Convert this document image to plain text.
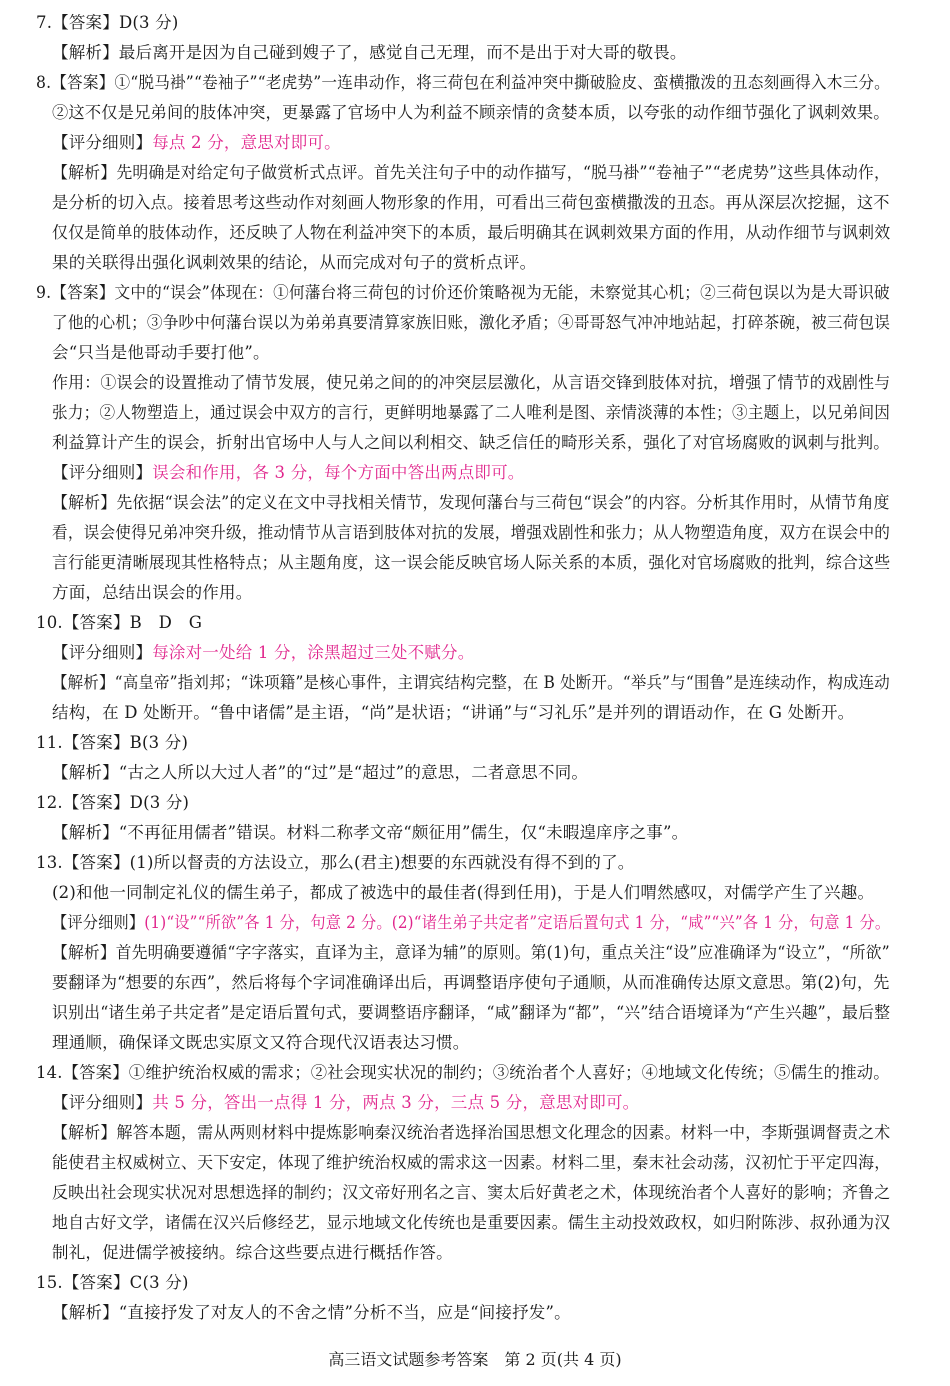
7.【答案】D(3 分)
【解析】最后离开是因为自己碰到嫂子了，感觉自己无理，而不是出于对大哥的敬畏。
8.【答案】①“脱马褂”“卷袖子”“老虎势”一连串动作，将三荷包在利益冲突中撕破脸皮、蛮横撒泼的丑态刻画得入木三分。
②这不仅是兄弟间的肢体冲突，更暴露了官场中人为利益不顾亲情的贪婪本质，以夸张的动作细节强化了讽刺效果。
【评分细则】每点 2 分，意思对即可。
【解析】先明确是对给定句子做赏析式点评。首先关注句子中的动作描写，“脱马褂”“卷袖子”“老虎势”这些具体动作，
是分析的切入点。接着思考这些动作对刻画人物形象的作用，可看出三荷包蛮横撒泼的丑态。再从深层次挖掘，这不
仅仅是简单的肢体动作，还反映了人物在利益冲突下的本质，最后明确其在讽刺效果方面的作用，从动作细节与讽刺效
果的关联得出强化讽刺效果的结论，从而完成对句子的赏析点评。
9.【答案】文中的“误会”体现在：①何藩台将三荷包的讨价还价策略视为无能，未察觉其心机；②三荷包误以为是大哥识破
了他的心机；③争吵中何藩台误以为弟弟真要清算家族旧账，激化矛盾；④哥哥怒气冲冲地站起，打碎茶碗，被三荷包误
会“只当是他哥动手要打他”。
作用：①误会的设置推动了情节发展，使兄弟之间的的冲突层层激化，从言语交锋到肢体对抗，增强了情节的戏剧性与
张力；②人物塑造上，通过误会中双方的言行，更鲜明地暴露了二人唯利是图、亲情淡薄的本性；③主题上，以兄弟间因
利益算计产生的误会，折射出官场中人与人之间以利相交、缺乏信任的畸形关系，强化了对官场腐败的讽刺与批判。
【评分细则】误会和作用，各 3 分，每个方面中答出两点即可。
【解析】先依据“误会法”的定义在文中寻找相关情节，发现何藩台与三荷包“误会”的内容。分析其作用时，从情节角度
看，误会使得兄弟冲突升级，推动情节从言语到肢体对抗的发展，增强戏剧性和张力；从人物塑造角度，双方在误会中的
言行能更清晰展现其性格特点；从主题角度，这一误会能反映官场人际关系的本质，强化对官场腐败的批判，综合这些
方面，总结出误会的作用。
10.【答案】B　D　G
【评分细则】每涂对一处给 1 分，涂黑超过三处不赋分。
【解析】“高皇帝”指刘邦；“诛项籍”是核心事件，主谓宾结构完整，在 B 处断开。“举兵”与“围鲁”是连续动作，构成连动
结构，在 D 处断开。“鲁中诸儒”是主语，“尚”是状语；“讲诵”与“习礼乐”是并列的谓语动作，在 G 处断开。
11.【答案】B(3 分)
【解析】“古之人所以大过人者”的“过”是“超过”的意思，二者意思不同。
12.【答案】D(3 分)
【解析】“不再征用儒者”错误。材料二称孝文帝“颇征用”儒生，仅“未暇遑庠序之事”。
13.【答案】(1)所以督责的方法设立，那么(君主)想要的东西就没有得不到的了。
(2)和他一同制定礼仪的儒生弟子，都成了被选中的最佳者(得到任用)，于是人们喟然感叹，对儒学产生了兴趣。
【评分细则】(1)“设”“所欲”各 1 分，句意 2 分。(2)“诸生弟子共定者”定语后置句式 1 分，“咸”“兴”各 1 分，句意 1 分。
【解析】首先明确要遵循“字字落实，直译为主，意译为辅”的原则。第(1)句，重点关注“设”应准确译为“设立”，“所欲”
要翻译为“想要的东西”，然后将每个字词准确译出后，再调整语序使句子通顺，从而准确传达原文意思。第(2)句，先
识别出“诸生弟子共定者”是定语后置句式，要调整语序翻译，“咸”翻译为“都”，“兴”结合语境译为“产生兴趣”，最后整
理通顺，确保译文既忠实原文又符合现代汉语表达习惯。
14.【答案】①维护统治权威的需求；②社会现实状况的制约；③统治者个人喜好；④地域文化传统；⑤儒生的推动。
【评分细则】共 5 分，答出一点得 1 分，两点 3 分，三点 5 分，意思对即可。
【解析】解答本题，需从两则材料中提炼影响秦汉统治者选择治国思想文化理念的因素。材料一中，李斯强调督责之术
能使君主权威树立、天下安定，体现了维护统治权威的需求这一因素。材料二里，秦末社会动荡，汉初忙于平定四海，
反映出社会现实状况对思想选择的制约；汉文帝好刑名之言、窦太后好黄老之术，体现统治者个人喜好的影响；齐鲁之
地自古好文学，诸儒在汉兴后修经艺，显示地域文化传统也是重要因素。儒生主动投效政权，如归附陈涉、叔孙通为汉
制礼，促进儒学被接纳。综合这些要点进行概括作答。
15.【答案】C(3 分)
【解析】“直接抒发了对友人的不舍之情”分析不当，应是“间接抒发”。
高三语文试题参考答案　第 2 页(共 4 页)
